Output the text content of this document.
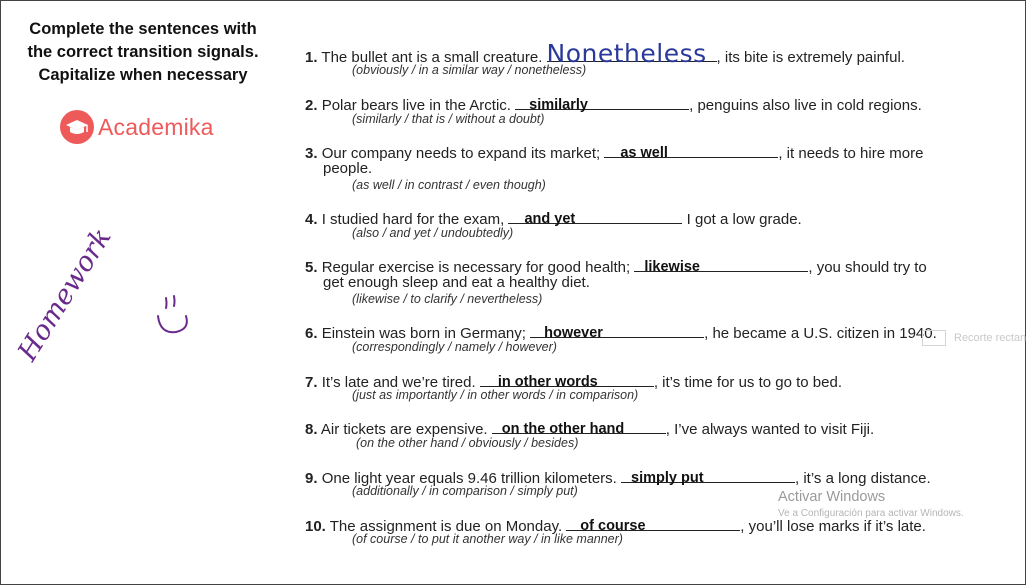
Complete the sentences with
the correct transition signals.
Capitalize when necessary
Academika
Homework
1. The bullet ant is a small creature. Nonetheless , its bite is extremely painful.
(obviously / in a similar way / nonetheless)
2. Polar bears live in the Arctic. similarly	, penguins also live in cold regions.
(similarly / that is / without a doubt)
3. Our company needs to expand its market; as well	, it needs to hire more
people.
(as well / in contrast / even though)
4. I studied hard for the exam, and yet	I got a low grade.
(also / and yet / undoubtedly)
5. Regular exercise is necessary for good health; likewise	, you should try to
get enough sleep and eat a healthy diet.
(likewise / to clarify / nevertheless)
6. Einstein was born in Germany; however	, he became a U.S. citizen in 1940.
(correspondingly / namely / however)
7. It’s late and we’re tired. in other words	, it’s time for us to go to bed.
(just as importantly / in other words / in comparison)
8. Air tickets are expensive. on the other hand	, I’ve always wanted to visit Fiji.
(on the other hand / obviously / besides)
9. One light year equals 9.46 trillion kilometers. simply put	, it’s a long distance.
(additionally / in comparison / simply put)
10. The assignment is due on Monday. of course	, you’ll lose marks if it’s late.
(of course / to put it another way / in like manner)
Recorte rectan
Activar Windows
Ve a Configuración para activar Windows.
